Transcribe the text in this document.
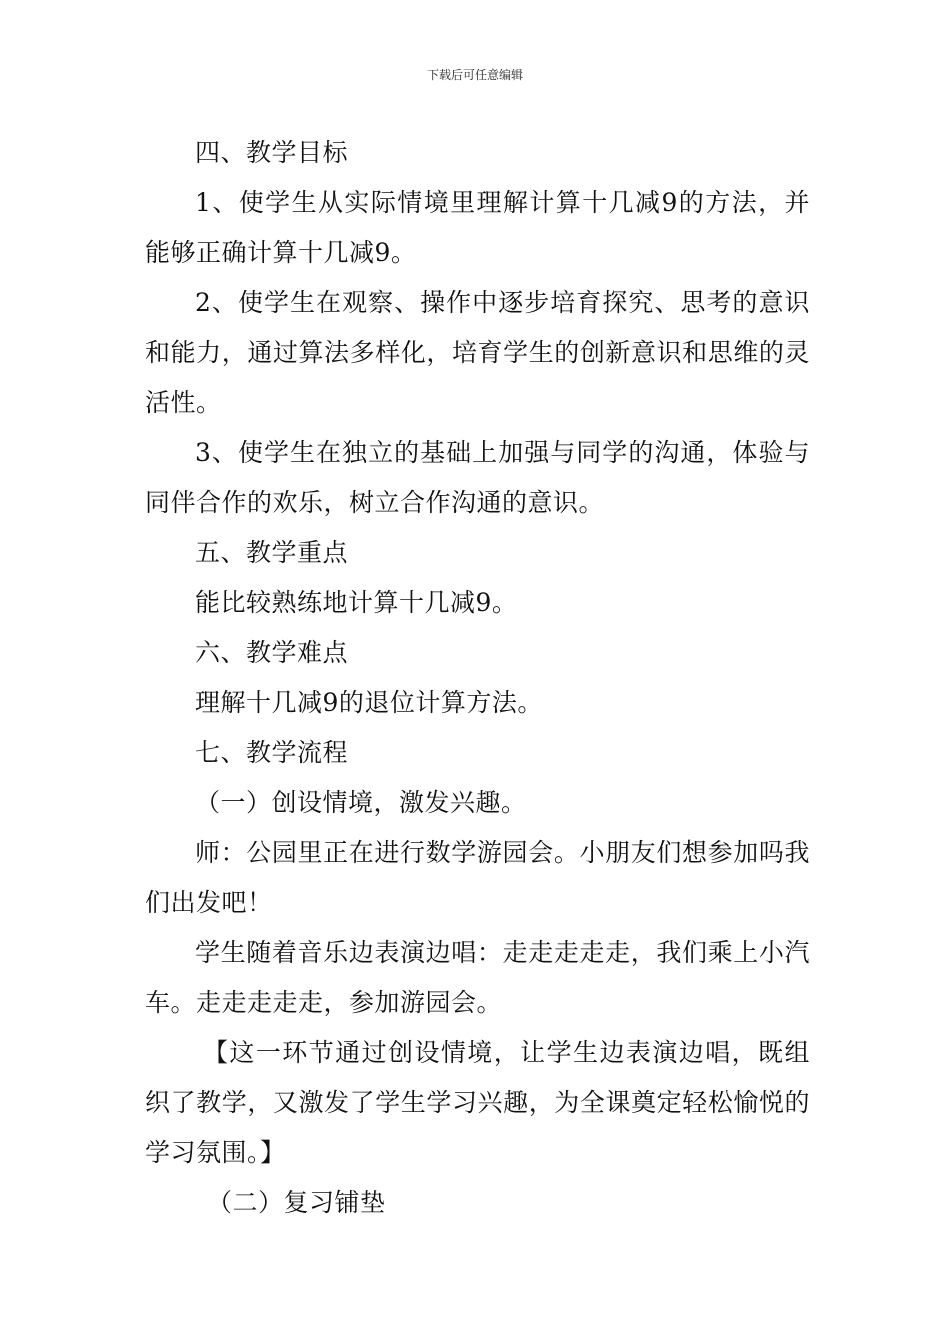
下载后可任意编辑

四、教学目标

1、使学生从实际情境里理解计算十几减9的方法，并能够正确计算十几减9。

2、使学生在观察、操作中逐步培育探究、思考的意识和能力，通过算法多样化，培育学生的创新意识和思维的灵活性。

3、使学生在独立的基础上加强与同学的沟通，体验与同伴合作的欢乐，树立合作沟通的意识。

五、教学重点

能比较熟练地计算十几减9。

六、教学难点

理解十几减9的退位计算方法。

七、教学流程

（一）创设情境，激发兴趣。

师：公园里正在进行数学游园会。小朋友们想参加吗我们出发吧！

学生随着音乐边表演边唱：走走走走走，我们乘上小汽车。走走走走走，参加游园会。

【这一环节通过创设情境，让学生边表演边唱，既组织了教学，又激发了学生学习兴趣，为全课奠定轻松愉悦的学习氛围。】

（二）复习铺垫
